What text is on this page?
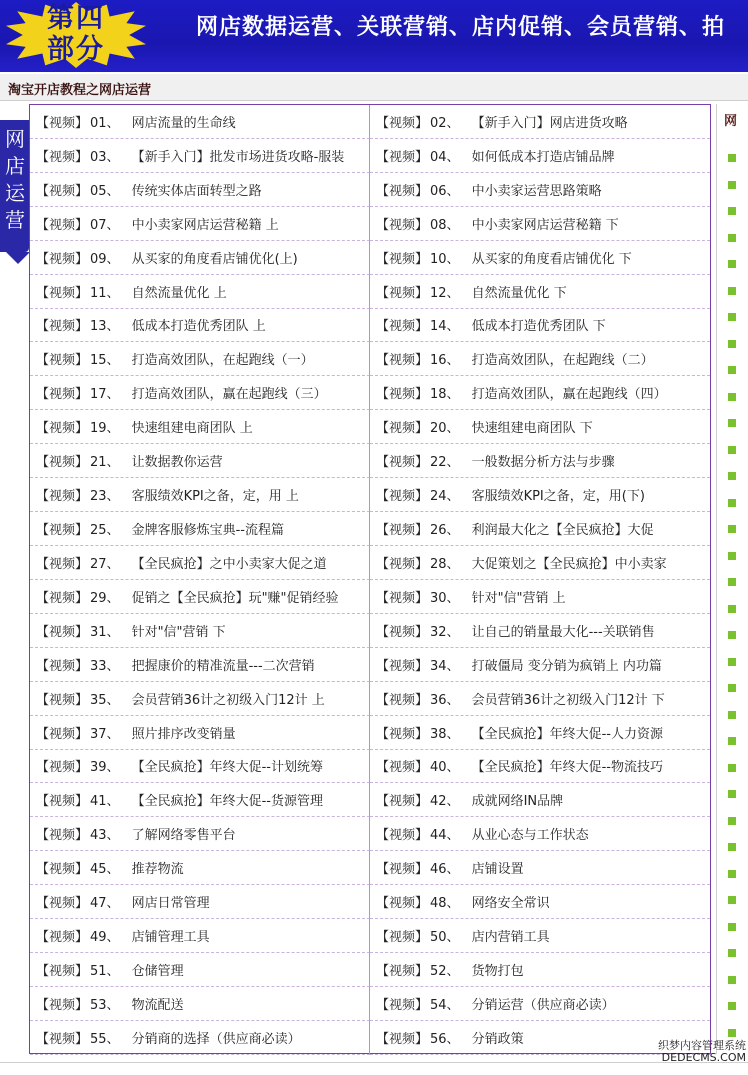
第四
部分
网店数据运营、关联营销、店内促销、会员营销、拍
淘宝开店教程之网店运营
网店运营
【视频】 01、 网店流量的生命线	【视频】 02、 【新手入门】网店进货攻略
【视频】 03、 【新手入门】批发市场进货攻略-服装 【视频】 04、 如何低成本打造店铺品牌
【视频】 05、 传统实体店面转型之路	【视频】 06、 中小卖家运营思路策略
【视频】 07、 中小卖家网店运营秘籍 上	【视频】 08、 中小卖家网店运营秘籍 下
【视频】 09、 从买家的角度看店铺优化(上)	【视频】 10、 从买家的角度看店铺优化 下
【视频】 11、 自然流量优化 上	【视频】 12、 自然流量优化 下
【视频】 13、 低成本打造优秀团队 上	【视频】 14、 低成本打造优秀团队 下
【视频】 15、 打造高效团队，在起跑线（一）	【视频】 16、 打造高效团队，在起跑线（二）
【视频】 17、 打造高效团队，赢在起跑线（三）	【视频】 18、 打造高效团队，赢在起跑线（四）
【视频】 19、 快速组建电商团队 上	【视频】 20、 快速组建电商团队 下
【视频】 21、 让数据教你运营	【视频】 22、 一般数据分析方法与步骤
【视频】 23、 客服绩效KPI之备，定，用 上	【视频】 24、 客服绩效KPI之备，定，用(下)
【视频】 25、 金牌客服修炼宝典--流程篇	【视频】 26、 利润最大化之【全民疯抢】大促
【视频】 27、 【全民疯抢】之中小卖家大促之道	【视频】 28、 大促策划之【全民疯抢】中小卖家
【视频】 29、 促销之【全民疯抢】玩"赚"促销经验	【视频】 30、 针对"信"营销 上
【视频】 31、 针对"信"营销 下	【视频】 32、 让自己的销量最大化---关联销售
【视频】 33、 把握康价的精准流量---二次营销	【视频】 34、 打破僵局 变分销为疯销上 内功篇
【视频】 35、 会员营销36计之初级入门12计 上	【视频】 36、 会员营销36计之初级入门12计 下
【视频】 37、 照片排序改变销量	【视频】 38、 【全民疯抢】年终大促--人力资源
【视频】 39、 【全民疯抢】年终大促--计划统筹	【视频】 40、 【全民疯抢】年终大促--物流技巧
【视频】 41、 【全民疯抢】年终大促--货源管理	【视频】 42、 成就网络IN品牌
【视频】 43、 了解网络零售平台	【视频】 44、 从业心态与工作状态
【视频】 45、 推荐物流	【视频】 46、 店铺设置
【视频】 47、 网店日常管理	【视频】 48、 网络安全常识
【视频】 49、 店铺管理工具	【视频】 50、 店内营销工具
【视频】 51、 仓储管理	【视频】 52、 货物打包
【视频】 53、 物流配送	【视频】 54、 分销运营（供应商必读）
【视频】 55、 分销商的选择（供应商必读）	【视频】 56、 分销政策
网
织梦内容管理系统
DEDECMS.COM
